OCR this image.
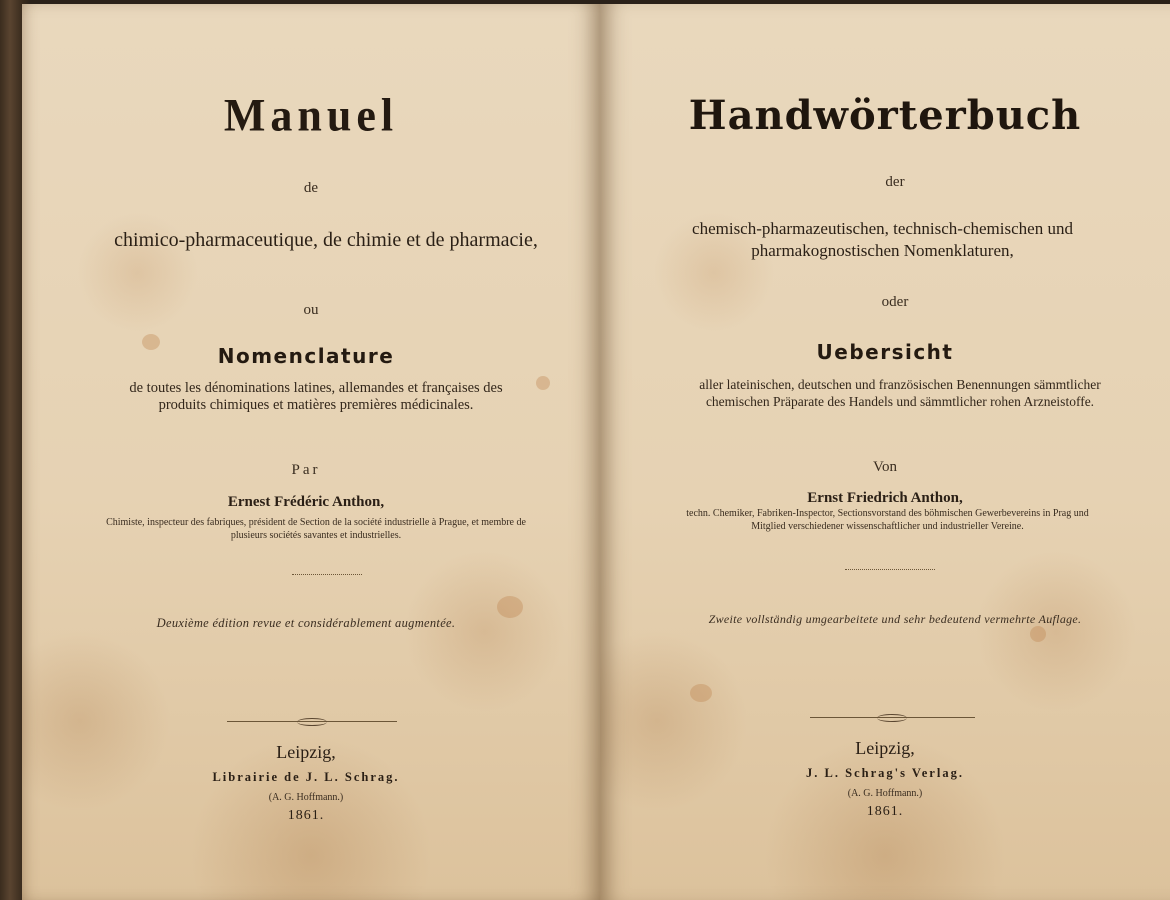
Manuel

de

chimico-pharmaceutique, de chimie et de pharmacie,

ou

Nomenclature

de toutes les dénominations latines, allemandes et françaises des produits chimiques et matières premières médicinales.

Par

Ernest Frédéric Anthon,

Chimiste, inspecteur des fabriques, président de Section de la société industrielle à Prague, et membre de plusieurs sociétés savantes et industrielles.

Deuxième édition revue et considérablement augmentée.

Leipzig,

Librairie de J. L. Schrag.

(A. G. Hoffmann.)

1861.

Handwörterbuch

der

chemisch-pharmazeutischen, technisch-chemischen und pharmakognostischen Nomenklaturen,

oder

Uebersicht

aller lateinischen, deutschen und französischen Benennungen sämmtlicher chemischen Präparate des Handels und sämmtlicher rohen Arzneistoffe.

Von

Ernst Friedrich Anthon,

techn. Chemiker, Fabriken-Inspector, Sectionsvorstand des böhmischen Gewerbevereins in Prag und Mitglied verschiedener wissenschaftlicher und industrieller Vereine.

Zweite vollständig umgearbeitete und sehr bedeutend vermehrte Auflage.

Leipzig,

J. L. Schrag's Verlag.

(A. G. Hoffmann.)

1861.
